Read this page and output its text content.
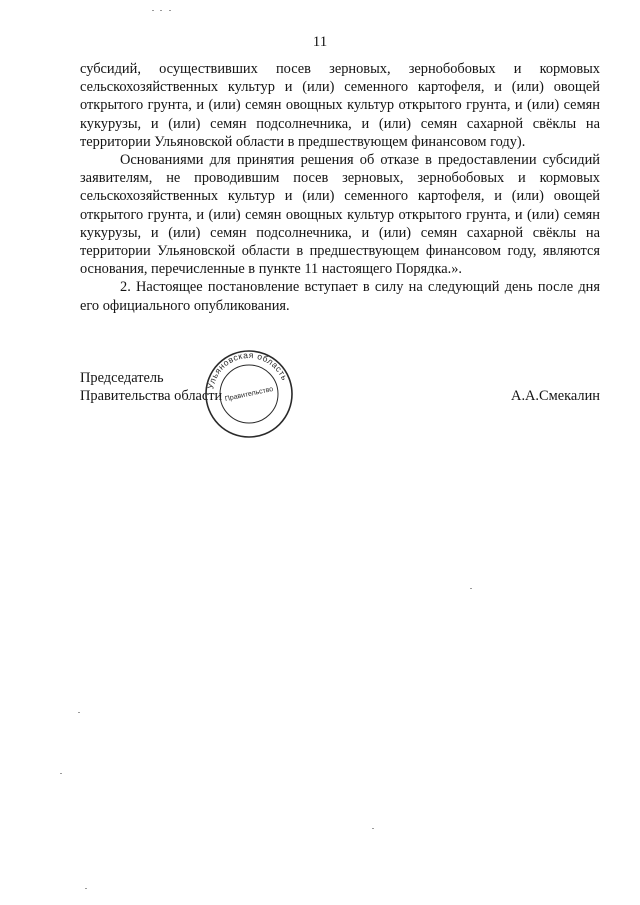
11

субсидий, осуществивших посев зерновых, зернобобовых и кормовых сельскохозяйственных культур и (или) семенного картофеля, и (или) овощей открытого грунта, и (или) семян овощных культур открытого грунта, и (или) семян кукурузы, и (или) семян подсолнечника, и (или) семян сахарной свёклы на территории Ульяновской области в предшествующем финансовом году).

Основаниями для принятия решения об отказе в предоставлении субсидий заявителям, не проводившим посев зерновых, зернобобовых и кормовых сельскохозяйственных культур и (или) семенного картофеля, и (или) овощей открытого грунта, и (или) семян овощных культур открытого грунта, и (или) семян кукурузы, и (или) семян подсолнечника, и (или) семян сахарной свёклы на территории Ульяновской области в предшествующем финансовом году, являются основания, перечисленные в пункте 11 настоящего Порядка.».

2. Настоящее постановление вступает в силу на следующий день после дня его официального опубликования.

Председатель
Правительства области	А.А.Смекалин
Ульяновская область
Правительство
